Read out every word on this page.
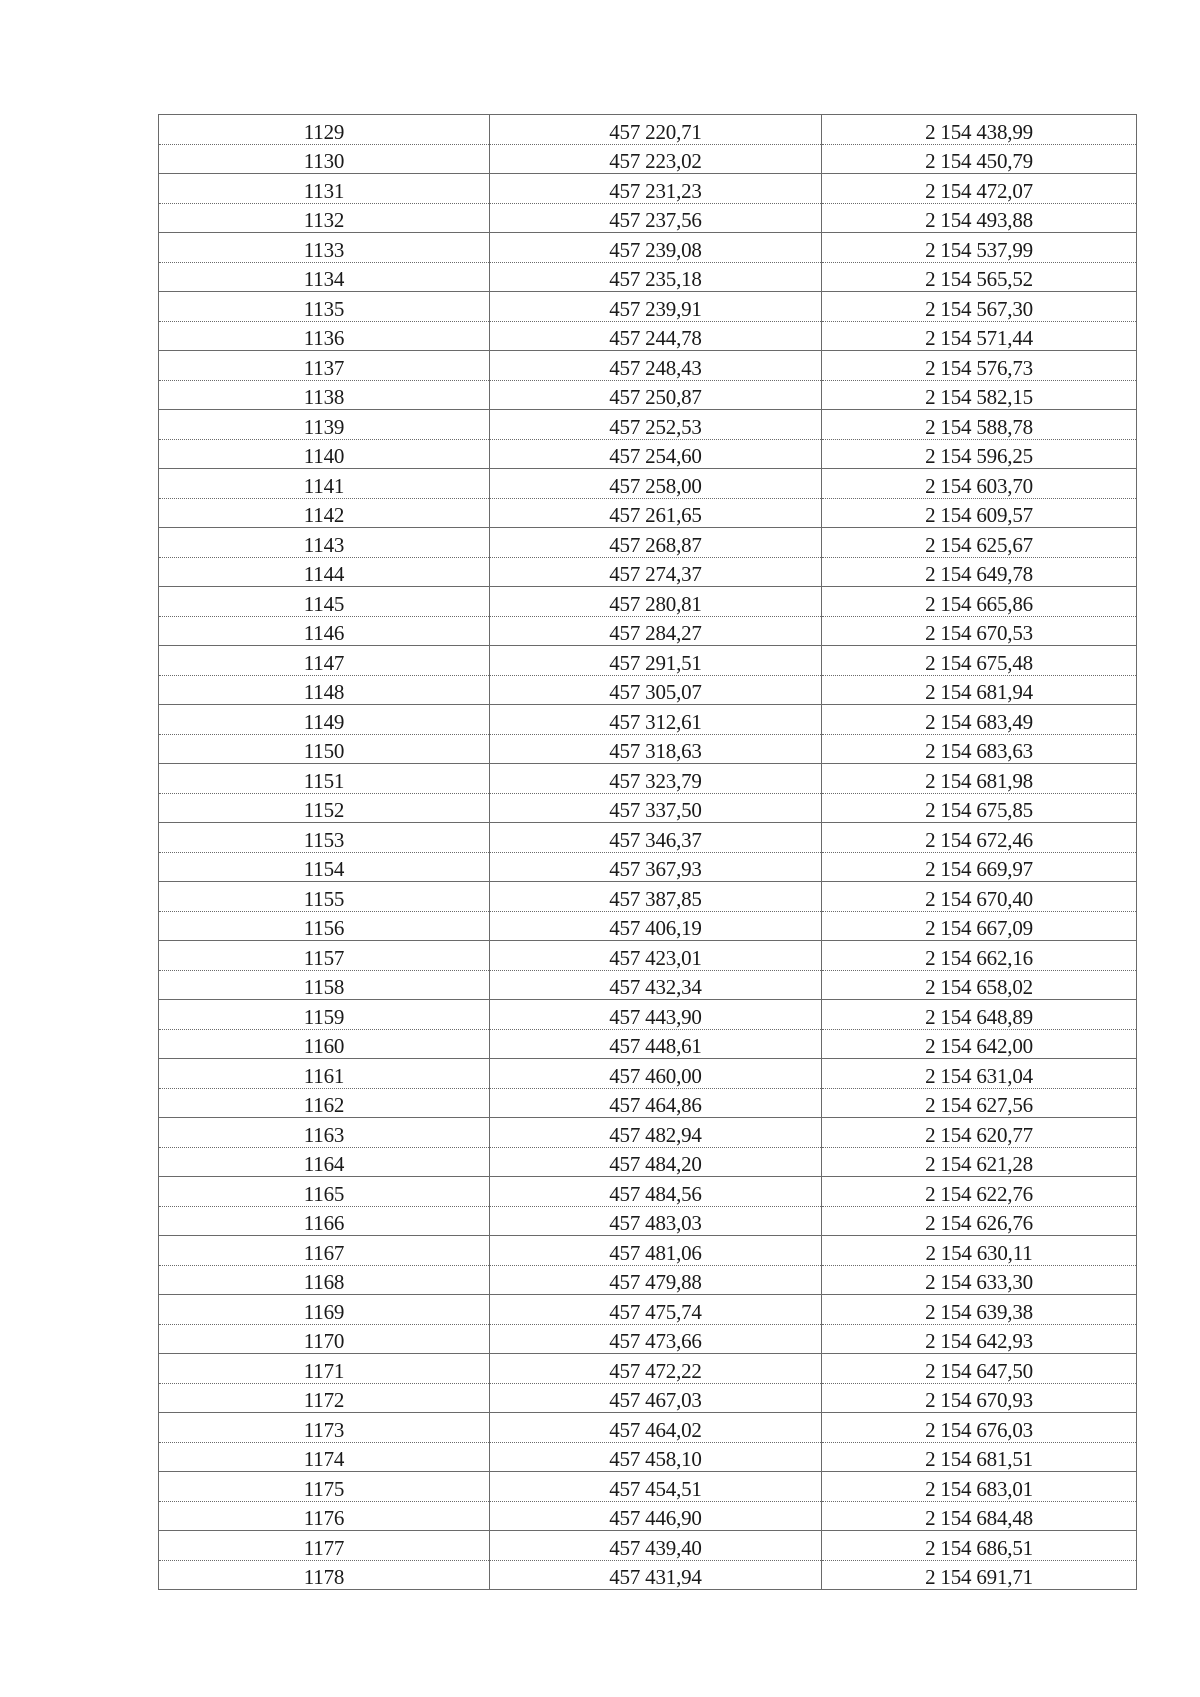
1129	457 220,71	2 154 438,99
1130	457 223,02	2 154 450,79
1131	457 231,23	2 154 472,07
1132	457 237,56	2 154 493,88
1133	457 239,08	2 154 537,99
1134	457 235,18	2 154 565,52
1135	457 239,91	2 154 567,30
1136	457 244,78	2 154 571,44
1137	457 248,43	2 154 576,73
1138	457 250,87	2 154 582,15
1139	457 252,53	2 154 588,78
1140	457 254,60	2 154 596,25
1141	457 258,00	2 154 603,70
1142	457 261,65	2 154 609,57
1143	457 268,87	2 154 625,67
1144	457 274,37	2 154 649,78
1145	457 280,81	2 154 665,86
1146	457 284,27	2 154 670,53
1147	457 291,51	2 154 675,48
1148	457 305,07	2 154 681,94
1149	457 312,61	2 154 683,49
1150	457 318,63	2 154 683,63
1151	457 323,79	2 154 681,98
1152	457 337,50	2 154 675,85
1153	457 346,37	2 154 672,46
1154	457 367,93	2 154 669,97
1155	457 387,85	2 154 670,40
1156	457 406,19	2 154 667,09
1157	457 423,01	2 154 662,16
1158	457 432,34	2 154 658,02
1159	457 443,90	2 154 648,89
1160	457 448,61	2 154 642,00
1161	457 460,00	2 154 631,04
1162	457 464,86	2 154 627,56
1163	457 482,94	2 154 620,77
1164	457 484,20	2 154 621,28
1165	457 484,56	2 154 622,76
1166	457 483,03	2 154 626,76
1167	457 481,06	2 154 630,11
1168	457 479,88	2 154 633,30
1169	457 475,74	2 154 639,38
1170	457 473,66	2 154 642,93
1171	457 472,22	2 154 647,50
1172	457 467,03	2 154 670,93
1173	457 464,02	2 154 676,03
1174	457 458,10	2 154 681,51
1175	457 454,51	2 154 683,01
1176	457 446,90	2 154 684,48
1177	457 439,40	2 154 686,51
1178	457 431,94	2 154 691,71
